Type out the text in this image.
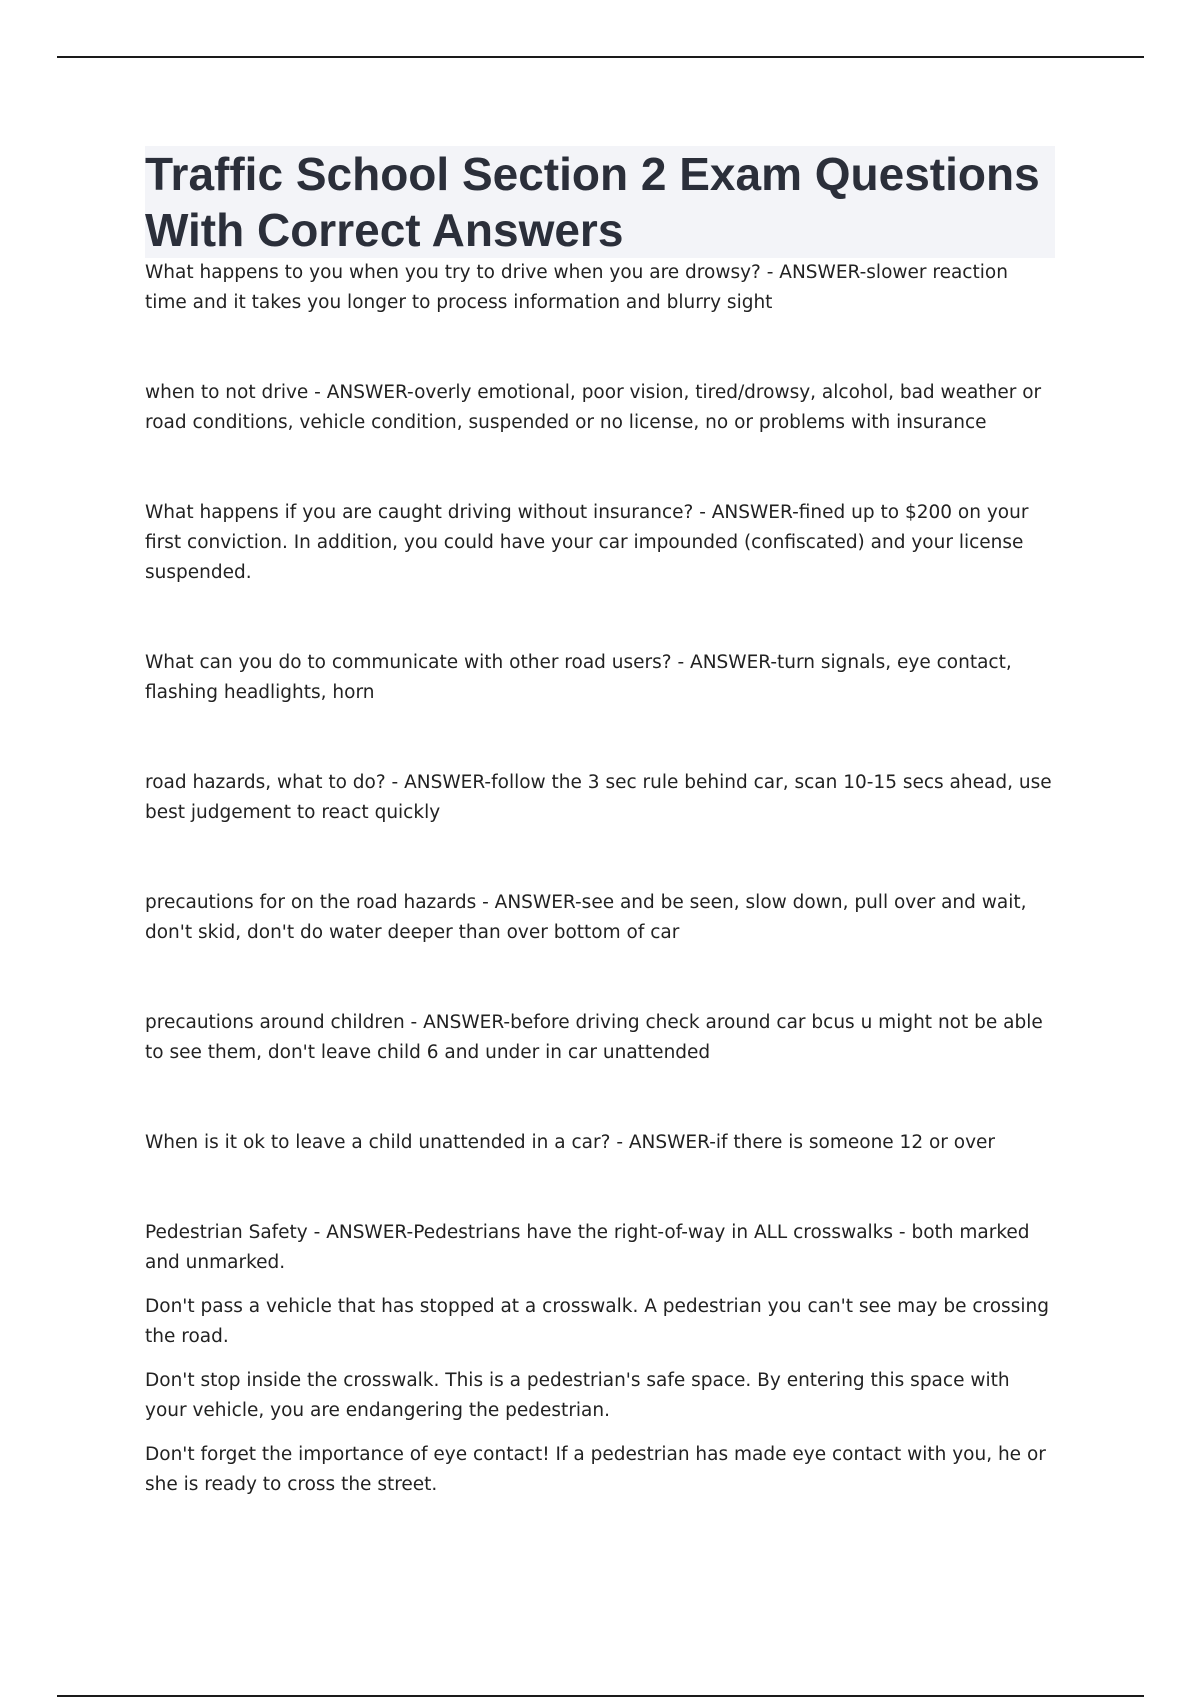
Traffic School Section 2 Exam Questions With Correct Answers

What happens to you when you try to drive when you are drowsy? - ANSWER-slower reaction time and it takes you longer to process information and blurry sight

when to not drive - ANSWER-overly emotional, poor vision, tired/drowsy, alcohol, bad weather or road conditions, vehicle condition, suspended or no license, no or problems with insurance

What happens if you are caught driving without insurance? - ANSWER-fined up to $200 on your first conviction. In addition, you could have your car impounded (confiscated) and your license suspended.

What can you do to communicate with other road users? - ANSWER-turn signals, eye contact, flashing headlights, horn

road hazards, what to do? - ANSWER-follow the 3 sec rule behind car, scan 10-15 secs ahead, use best judgement to react quickly

precautions for on the road hazards - ANSWER-see and be seen, slow down, pull over and wait, don't skid, don't do water deeper than over bottom of car

precautions around children - ANSWER-before driving check around car bcus u might not be able to see them, don't leave child 6 and under in car unattended

When is it ok to leave a child unattended in a car? - ANSWER-if there is someone 12 or over

Pedestrian Safety - ANSWER-Pedestrians have the right-of-way in ALL crosswalks - both marked and unmarked.

Don't pass a vehicle that has stopped at a crosswalk. A pedestrian you can't see may be crossing the road.

Don't stop inside the crosswalk. This is a pedestrian's safe space. By entering this space with your vehicle, you are endangering the pedestrian.

Don't forget the importance of eye contact! If a pedestrian has made eye contact with you, he or she is ready to cross the street.
